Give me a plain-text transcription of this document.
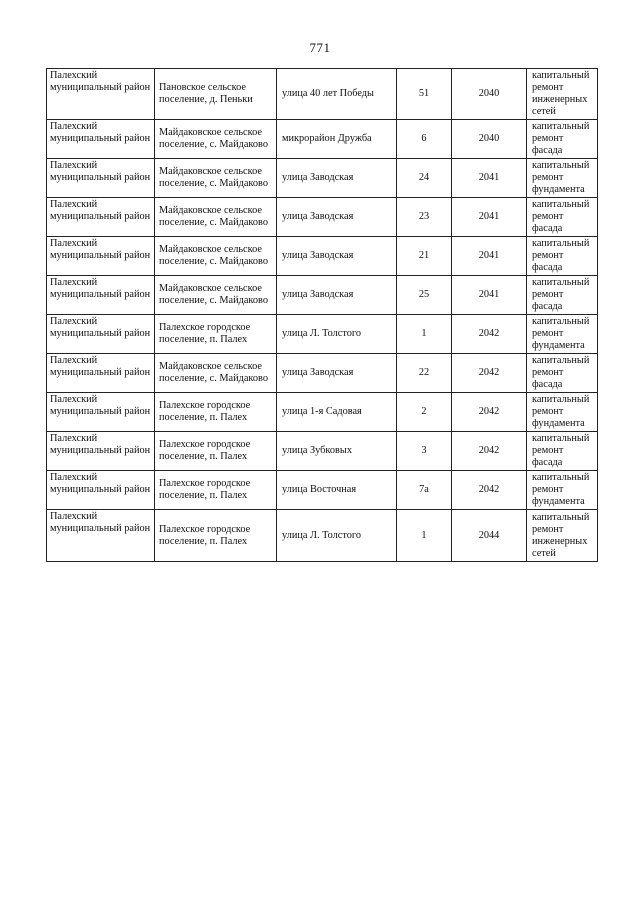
771
Палехский муниципальный район	Пановское сельское поселение, д. Пеньки	улица 40 лет Победы	51	2040	капитальный ремонт инженерных сетей
Палехский муниципальный район	Майдаковское сельское поселение, с. Майдаково	микрорайон Дружба	6	2040	капитальный ремонт фасада
Палехский муниципальный район	Майдаковское сельское поселение, с. Майдаково	улица Заводская	24	2041	капитальный ремонт фундамента
Палехский муниципальный район	Майдаковское сельское поселение, с. Майдаково	улица Заводская	23	2041	капитальный ремонт фасада
Палехский муниципальный район	Майдаковское сельское поселение, с. Майдаково	улица Заводская	21	2041	капитальный ремонт фасада
Палехский муниципальный район	Майдаковское сельское поселение, с. Майдаково	улица Заводская	25	2041	капитальный ремонт фасада
Палехский муниципальный район	Палехское городское поселение, п. Палех	улица Л. Толстого	1	2042	капитальный ремонт фундамента
Палехский муниципальный район	Майдаковское сельское поселение, с. Майдаково	улица Заводская	22	2042	капитальный ремонт фасада
Палехский муниципальный район	Палехское городское поселение, п. Палех	улица 1-я Садовая	2	2042	капитальный ремонт фундамента
Палехский муниципальный район	Палехское городское поселение, п. Палех	улица Зубковых	3	2042	капитальный ремонт фасада
Палехский муниципальный район	Палехское городское поселение, п. Палех	улица Восточная	7а	2042	капитальный ремонт фундамента
Палехский муниципальный район	Палехское городское поселение, п. Палех	улица Л. Толстого	1	2044	капитальный ремонт инженерных сетей
